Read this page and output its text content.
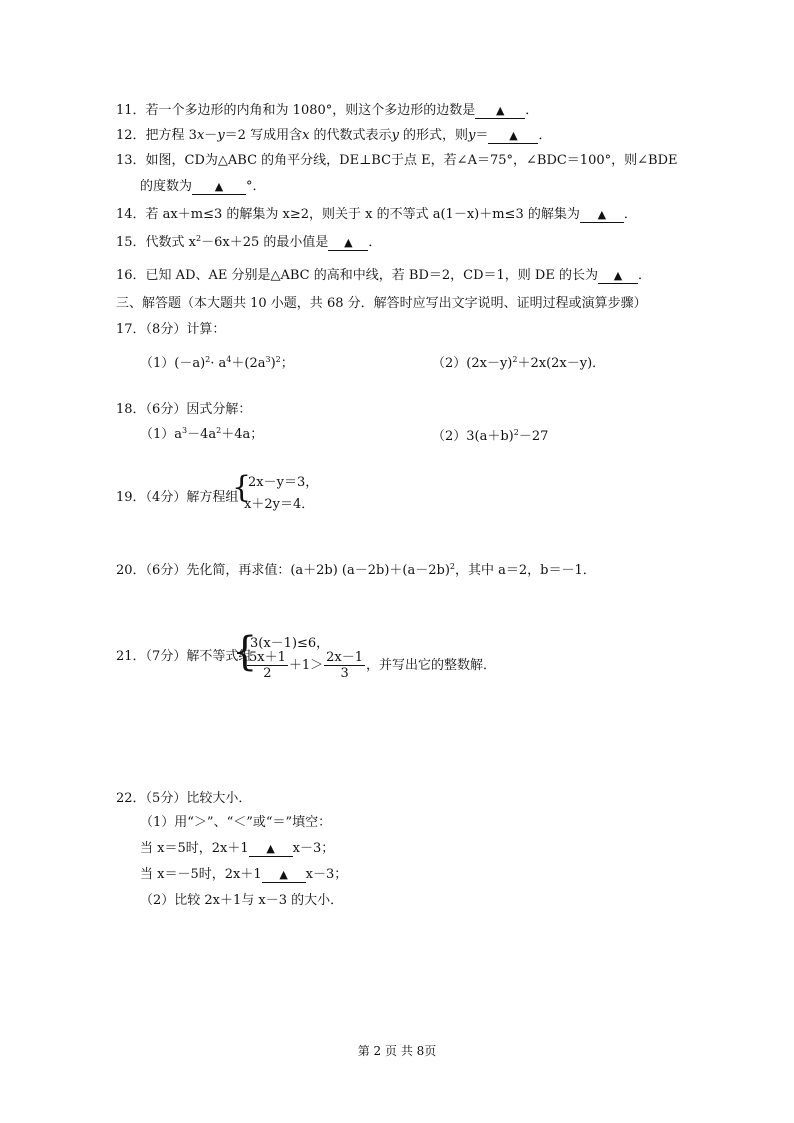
11．若一个多边形的内角和为 1080°，则这个多边形的边数是 ▲ ．
12．把方程 3x－y＝2 写成用含x 的代数式表示y 的形式，则y＝ ▲ ．
13．如图，CD为△ABC 的角平分线，DE⊥BC于点 E，若∠A＝75°，∠BDC＝100°，则∠BDE
的度数为 ▲ °．
14．若 ax＋m≤3 的解集为 x≥2，则关于 x 的不等式 a(1－x)＋m≤3 的解集为 ▲ ．
15．代数式 $x^2-6x+25$ 的最小值是 ▲ ．
16．已知 AD、AE 分别是△ABC 的高和中线，若 BD＝2，CD＝1，则 DE 的长为 ▲ ．
三、解答题（本大题共 10 小题，共 68 分．解答时应写出文字说明、证明过程或演算步骤）
17．（8分）计算：
$(1)(-a)^2\cdot a^4+(2a^3)^2$；	$(2)(2x-y)^2+2x(2x-y)$．
18．（6分）因式分解：
$(1)a^3-4a^2+4a$；	$(2)3(a+b)^2-27$
19．（4分）解方程组
{
2x－y＝3，
x＋2y＝4．
20．（6分）先化简，再求值：(a＋2b) $(a-2b)+(a-2b)^2$，其中 a＝2，b＝－1．
21．（7分）解不等式组
{
3(x－1)≤6，
$\frac{5x+1}{2} +1> \frac{2x-1}{3}$ ，并写出它的整数解．
22．（5分）比较大小．
（1）用“＞”、“＜”或“＝”填空：
当 x＝5时，2x＋1 ▲ x－3；
当 x＝－5时，2x＋1 ▲ x－3；
（2）比较 2x＋1与 x－3 的大小．
第 2 页 共 8页
